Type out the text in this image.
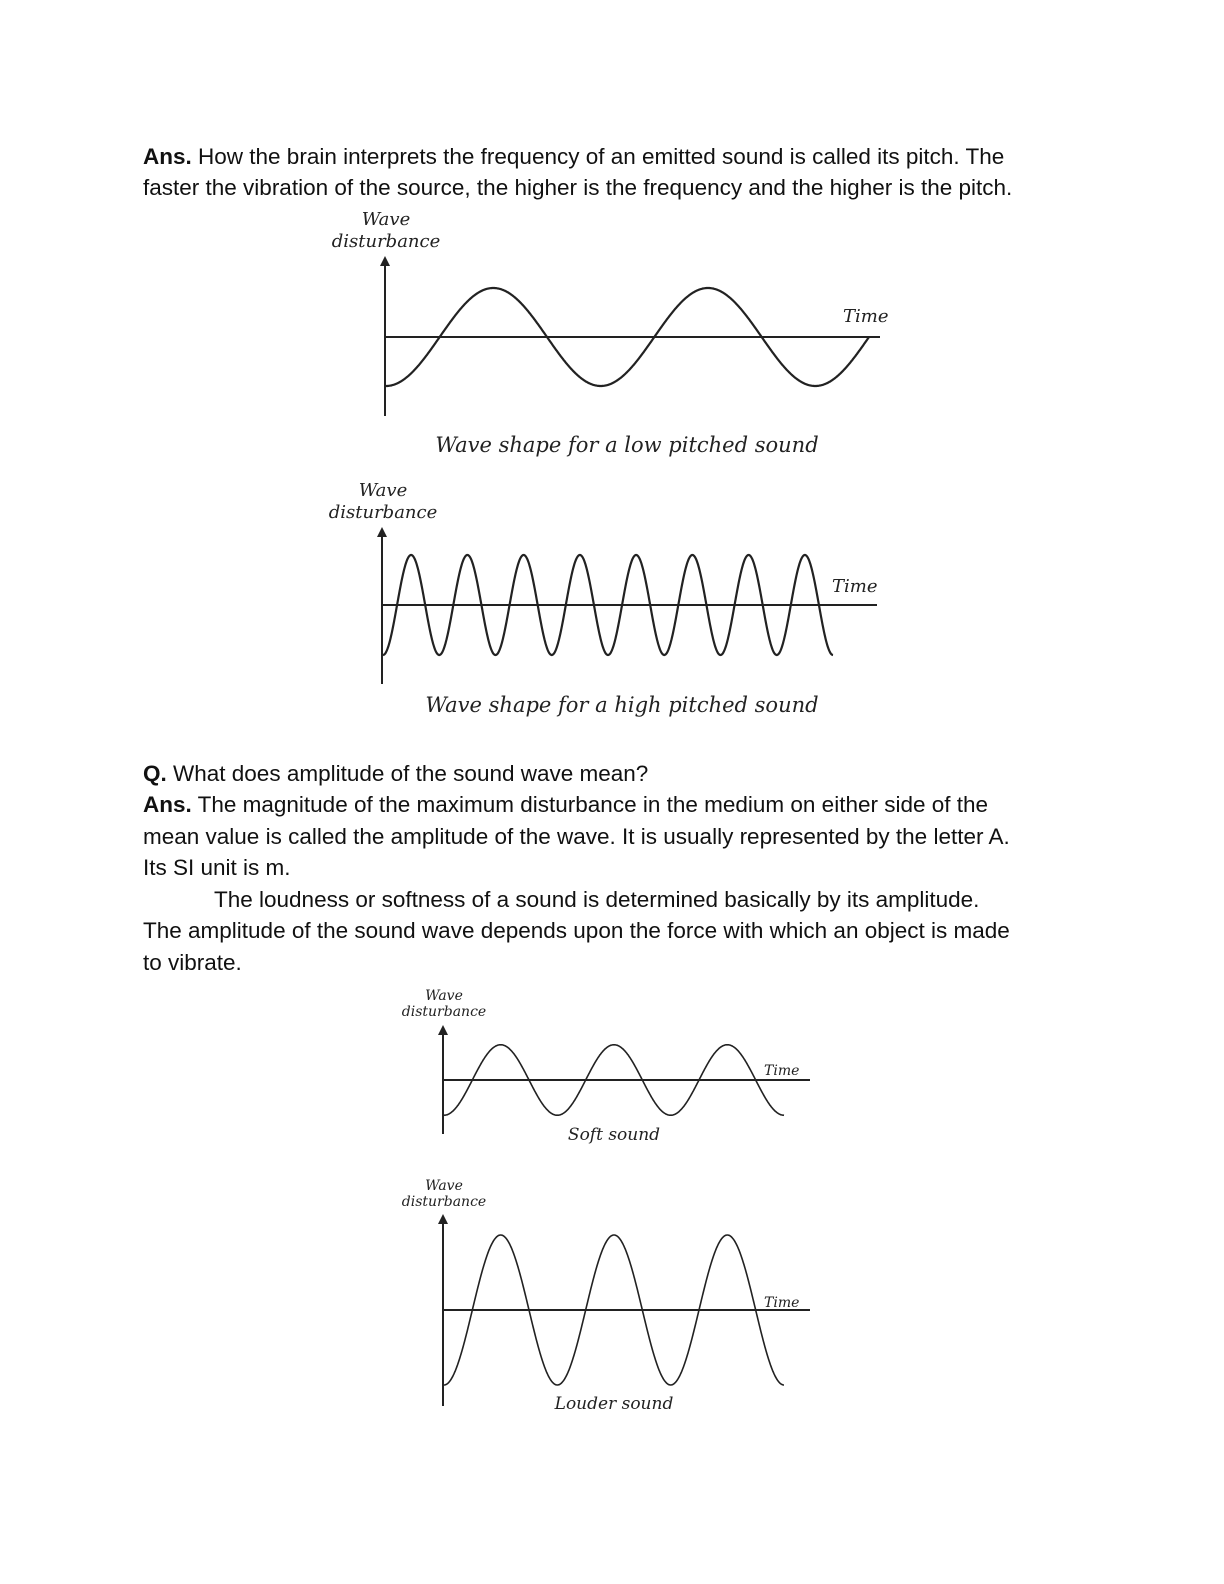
Ans. How the brain interprets the frequency of an emitted sound is called its pitch. The
faster the vibration of the source, the higher is the frequency and the higher is the pitch.
Q. What does amplitude of the sound wave mean?
Ans. The magnitude of the maximum disturbance in the medium on either side of the
mean value is called the amplitude of the wave. It is usually represented by the letter A.
Its SI unit is m.
The loudness or softness of a sound is determined basically by its amplitude.
The amplitude of the sound wave depends upon the force with which an object is made
to vibrate.
Wave
disturbance
Time
Wave shape for a low pitched sound
Wave
disturbance
Time
Wave shape for a high pitched sound
Wave
disturbance
Time
Soft sound
Wave
disturbance
Time
Louder sound
